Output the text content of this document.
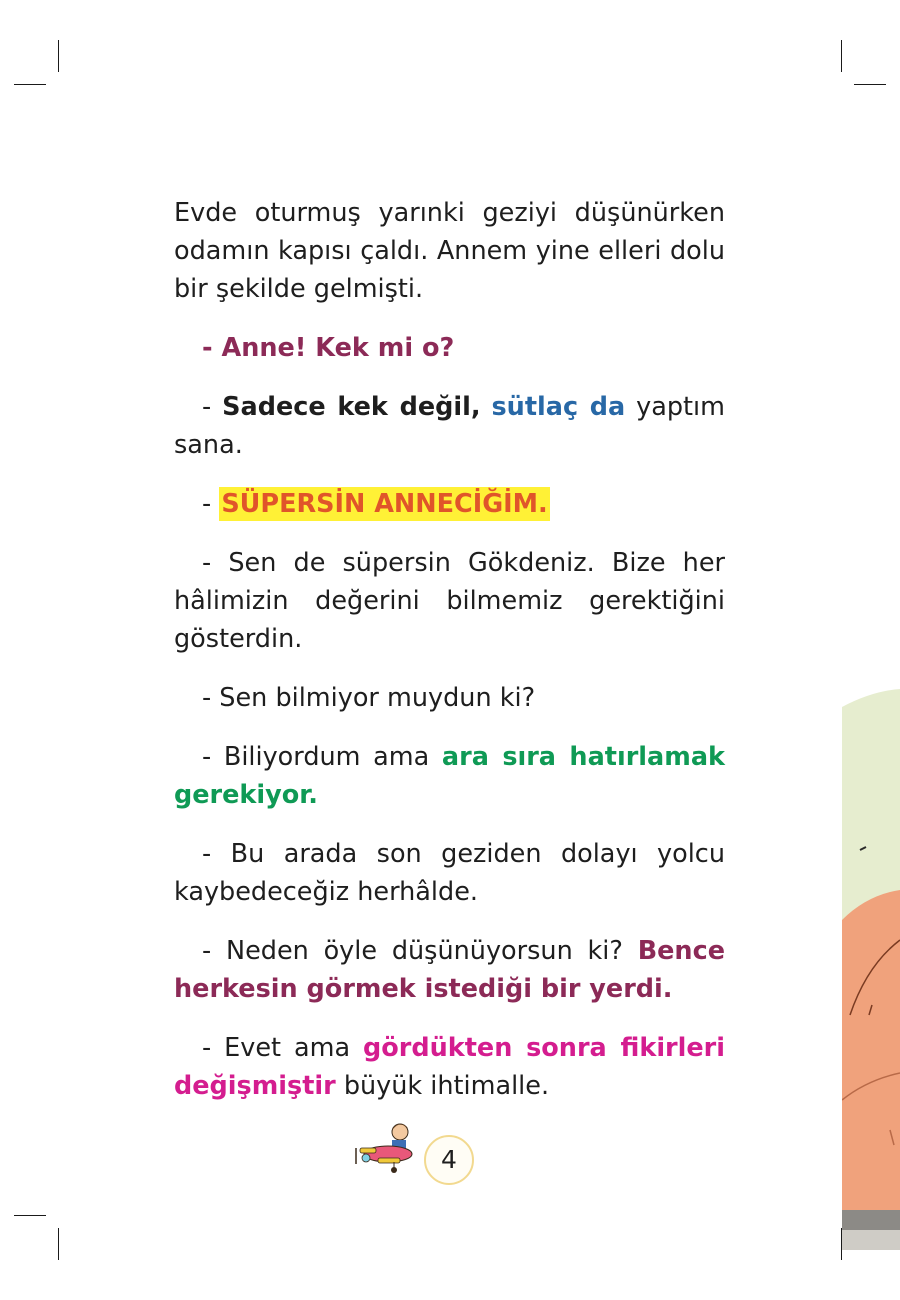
Evde oturmuş yarınki geziyi düşünürken odamın kapısı çaldı. Annem yine elleri dolu bir şekilde gelmişti.

- Anne! Kek mi o?

- Sadece kek değil, sütlaç da yaptım sana.

- SÜPERSİN ANNECİĞİM.

- Sen de süpersin Gökdeniz. Bize her hâlimizin değerini bilmemiz gerektiğini gösterdin.

- Sen bilmiyor muydun ki?

- Biliyordum ama ara sıra hatırlamak gerekiyor.

- Bu arada son geziden dolayı yolcu kaybedeceğiz herhâlde.

- Neden öyle düşünüyorsun ki? Bence herkesin görmek istediği bir yerdi.

- Evet ama gördükten sonra fikirleri değişmiştir büyük ihtimalle.

4
